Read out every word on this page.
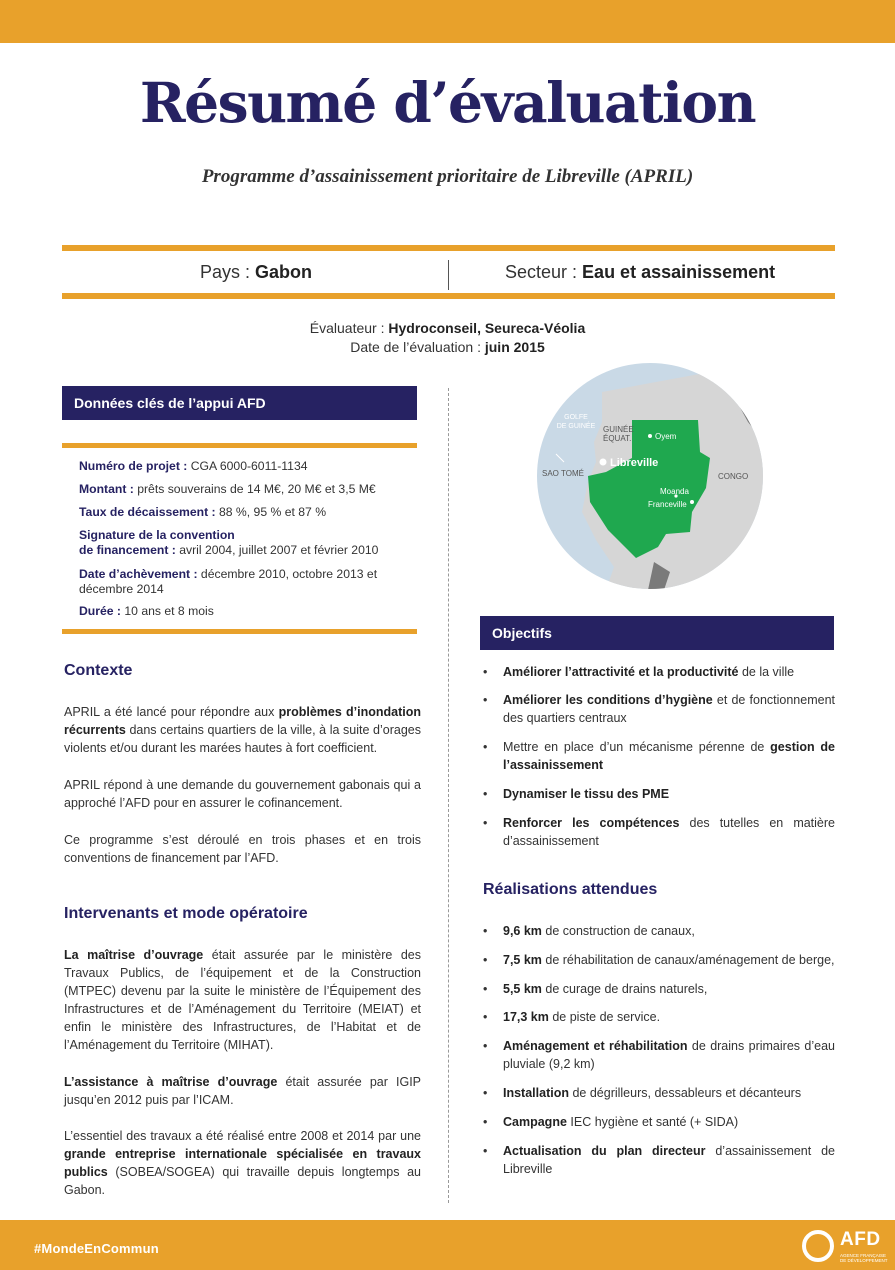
Résumé d’évaluation
Programme d’assainissement prioritaire de Libreville (APRIL)
Pays : Gabon	Secteur : Eau et assainissement
Évaluateur : Hydroconseil, Seureca-Véolia
Date de l’évaluation : juin 2015
Données clés de l’appui AFD
Numéro de projet : CGA 6000-6011-1134
Montant : prêts souverains de 14 M€, 20 M€ et 3,5 M€
Taux de décaissement : 88 %, 95 % et 87 %
Signature de la convention
de financement : avril 2004, juillet 2007 et février 2010
Date d’achèvement : décembre 2010, octobre 2013 et décembre 2014
Durée : 10 ans et 8 mois
Contexte

APRIL a été lancé pour répondre aux problèmes d’inondation récurrents dans certains quartiers de la ville, à la suite d’orages violents et/ou durant les marées hautes à fort coefficient.

APRIL répond à une demande du gouvernement gabonais qui a approché l’AFD pour en assurer le cofinancement.

Ce programme s’est déroulé en trois phases et en trois conventions de financement par l’AFD.

Intervenants et mode opératoire

La maîtrise d’ouvrage était assurée par le ministère des Travaux Publics, de l’équipement et de la Construction (MTPEC) devenu par la suite le ministère de l’Équipement des Infrastructures et de l’Aménagement du Territoire (MEIAT) et enfin le ministère des Infrastructures, de l’Habitat et de l’Aménagement du Territoire (MIHAT).

L’assistance à maîtrise d’ouvrage était assurée par IGIP jusqu’en 2012 puis par l’ICAM.

L’essentiel des travaux a été réalisé entre 2008 et 2014 par une grande entreprise internationale spécialisée en travaux publics (SOBEA/SOGEA) qui travaille depuis longtemps au Gabon.

GOLFE
DE GUINÉE GUINÉE
ÉQUAT.
SAO TOMÉ
Libreville
Oyem
CONGO
Moanda
Franceville
Objectifs
• Améliorer l’attractivité et la productivité de la ville
• Améliorer les conditions d’hygiène et de fonctionnement des quartiers centraux
• Mettre en place d’un mécanisme pérenne de gestion de l’assainissement
• Dynamiser le tissu des PME
• Renforcer les compétences des tutelles en matière d’assainissement
Réalisations attendues
• 9,6 km de construction de canaux,
• 7,5 km de réhabilitation de canaux/aménagement de berge,
• 5,5 km de curage de drains naturels,
• 17,3 km de piste de service.
• Aménagement et réhabilitation de drains primaires d’eau pluviale (9,2 km)
• Installation de dégrilleurs, dessableurs et décanteurs
• Campagne IEC hygiène et santé (+ SIDA)
• Actualisation du plan directeur d’assainissement de Libreville
#MondeEnCommun	AFD
AGENCE FRANÇAISE DE DÉVELOPPEMENT
